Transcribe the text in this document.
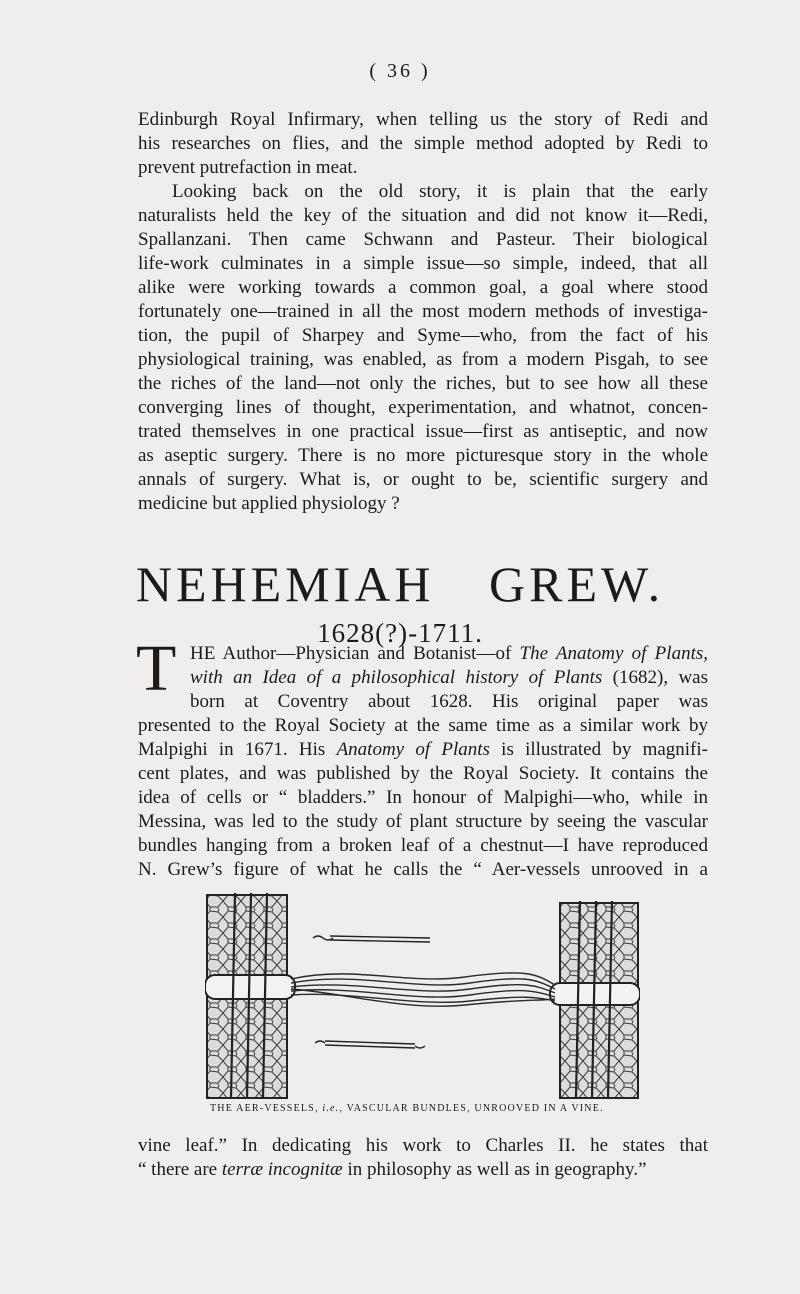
( 36 )
Edinburgh Royal Infirmary, when telling us the story of Redi and
his researches on flies, and the simple method adopted by Redi to
prevent putrefaction in meat.
Looking back on the old story, it is plain that the early
naturalists held the key of the situation and did not know it—Redi,
Spallanzani. Then came Schwann and Pasteur. Their biological
life-work culminates in a simple issue—so simple, indeed, that all
alike were working towards a common goal, a goal where stood
fortunately one—trained in all the most modern methods of investiga-
tion, the pupil of Sharpey and Syme—who, from the fact of his
physiological training, was enabled, as from a modern Pisgah, to see
the riches of the land—not only the riches, but to see how all these
converging lines of thought, experimentation, and whatnot, concen-
trated themselves in one practical issue—first as antiseptic, and now
as aseptic surgery. There is no more picturesque story in the whole
annals of surgery. What is, or ought to be, scientific surgery and
medicine but applied physiology ?
NEHEMIAH GREW.
1628(?)-1711.
T HE Author—Physician and Botanist—of The Anatomy of Plants,
with an Idea of a philosophical history of Plants (1682), was
born at Coventry about 1628. His original paper was
presented to the Royal Society at the same time as a similar work by
Malpighi in 1671. His Anatomy of Plants is illustrated by magnifi-
cent plates, and was published by the Royal Society. It contains the
idea of cells or “ bladders.” In honour of Malpighi—who, while in
Messina, was led to the study of plant structure by seeing the vascular
bundles hanging from a broken leaf of a chestnut—I have reproduced
N. Grew’s figure of what he calls the “ Aer-vessels unrooved in a
THE AER-VESSELS, i.e., VASCULAR BUNDLES, UNROOVED IN A VINE.
vine leaf.” In dedicating his work to Charles II. he states that
“ there are terræ incognitæ in philosophy as well as in geography.”
